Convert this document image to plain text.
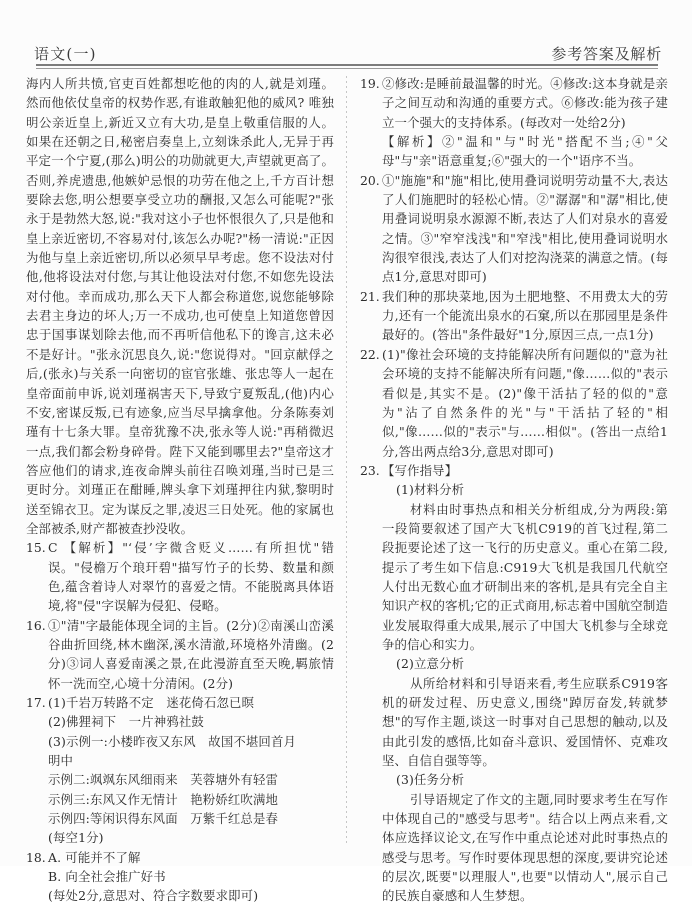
语文(一)	参考答案及解析

海内人所共愤,官吏百姓都想吃他的肉的人,就是刘瑾。然而他依仗皇帝的权势作恶,有谁敢触犯他的威风? 唯独明公亲近皇上,新近又立有大功,是皇上敬重信服的人。如果在还朝之日,秘密启奏皇上,立刻诛杀此人,无异于再平定一个宁夏,(那么)明公的功勋就更大,声望就更高了。否则,养虎遗患,他嫉妒忌恨的功劳在他之上,千方百计想要除去您,明公想要享受立功的酬报,又怎么可能呢?"张永于是勃然大怒,说:"我对这小子也怀恨很久了,只是他和皇上亲近密切,不容易对付,该怎么办呢?"杨一清说:"正因为他与皇上亲近密切,所以必须早早考虑。您不设法对付他,他将设法对付您,与其让他设法对付您,不如您先设法对付他。幸而成功,那么天下人都会称道您,说您能够除去君主身边的坏人;万一不成功,也可使皇上知道您曾因忠于国事谋划除去他,而不再听信他私下的谗言,这未必不是好计。"张永沉思良久,说:"您说得对。"回京献俘之后,(张永)与关系一向密切的宦官张雄、张忠等人一起在皇帝面前申诉,说刘瑾祸害天下,导致宁夏叛乱,(他)内心不安,密谋反叛,已有迹象,应当尽早擒拿他。分条陈奏刘瑾有十七条大罪。皇帝犹豫不决,张永等人说:"再稍微迟一点,我们都会粉身碎骨。陛下又能到哪里去?"皇帝这才答应他们的请求,连夜命牌头前往召唤刘瑾,当时已是三更时分。刘瑾正在酣睡,牌头拿下刘瑾押往内狱,黎明时送至锦衣卫。定为谋反之罪,凌迟三日处死。他的家属也全部被杀,财产都被查抄没收。

15. C 【解析】"‘侵’字微含贬义……有所担忧"错误。"侵檐万个琅玕碧"描写竹子的长势、数量和颜色,蕴含着诗人对翠竹的喜爱之情。不能脱离具体语境,将"侵"字误解为侵犯、侵略。
16. ①"清"字最能体现全词的主旨。(2分)②南溪山峦溪谷曲折回绕,林木幽深,溪水清澈,环境格外清幽。(2分)③词人喜爱南溪之景,在此漫游直至天晚,羁旅情怀一洗而空,心境十分清闲。(2分)
17. (1)千岩万转路不定　迷花倚石忽已暝
(2)佛狸祠下　一片神鸦社鼓
(3)示例一:小楼昨夜又东风　故国不堪回首月
明中
示例二:飒飒东风细雨来　芙蓉塘外有轻雷
示例三:东风又作无情计　艳粉娇红吹满地
示例四:等闲识得东风面　万紫千红总是春
(每空1分)
18. A. 可能并不了解
B. 向全社会推广好书
(每处2分,意思对、符合字数要求即可)
19. ②修改:是睡前最温馨的时光。④修改:这本身就是亲子之间互动和沟通的重要方式。⑥修改:能为孩子建立一个强大的支持体系。(每改对一处给2分)
【解析】②"温和"与"时光"搭配不当;④"父母"与"亲"语意重复;⑥"强大的一个"语序不当。
20. ①"施施"和"施"相比,使用叠词说明劳动量不大,表达了人们施肥时的轻松心情。②"潺潺"和"潺"相比,使用叠词说明泉水源源不断,表达了人们对泉水的喜爱之情。③"窄窄浅浅"和"窄浅"相比,使用叠词说明水沟很窄很浅,表达了人们对挖沟浇菜的满意之情。(每点1分,意思对即可)
21. 我们种的那块菜地,因为土肥地整、不用费太大的劳力,还有一个能流出泉水的石窠,所以在那园里是条件最好的。(答出"条件最好"1分,原因三点,一点1分)
22. (1)"像社会环境的支持能解决所有问题似的"意为社会环境的支持不能解决所有问题,"像……似的"表示看似是,其实不是。(2)"像干活拈了轻的似的"意为"沾了自然条件的光"与"干活拈了轻的"相似,"像……似的"表示"与……相似"。(答出一点给1分,答出两点给3分,意思对即可)
23. 【写作指导】
(1)材料分析
材料由时事热点和相关分析组成,分为两段:第一段简要叙述了国产大飞机C919的首飞过程,第二段扼要论述了这一飞行的历史意义。重心在第二段,提示了考生如下信息:C919大飞机是我国几代航空人付出无数心血才研制出来的客机,是具有完全自主知识产权的客机;它的正式商用,标志着中国航空制造业发展取得重大成果,展示了中国大飞机参与全球竞争的信心和实力。
(2)立意分析
从所给材料和引导语来看,考生应联系C919客机的研发过程、历史意义,围绕"踔厉奋发,转就梦想"的写作主题,谈这一时事对自己思想的触动,以及由此引发的感悟,比如奋斗意识、爱国情怀、克难攻坚、自信自强等等。
(3)任务分析
引导语规定了作文的主题,同时要求考生在写作中体现自己的"感受与思考"。结合以上两点来看,文体应选择议论文,在写作中重点论述对此时事热点的感受与思考。写作时要体现思想的深度,要讲究论述的层次,既要"以理服人",也要"以情动人",展示自己的民族自豪感和人生梦想。
